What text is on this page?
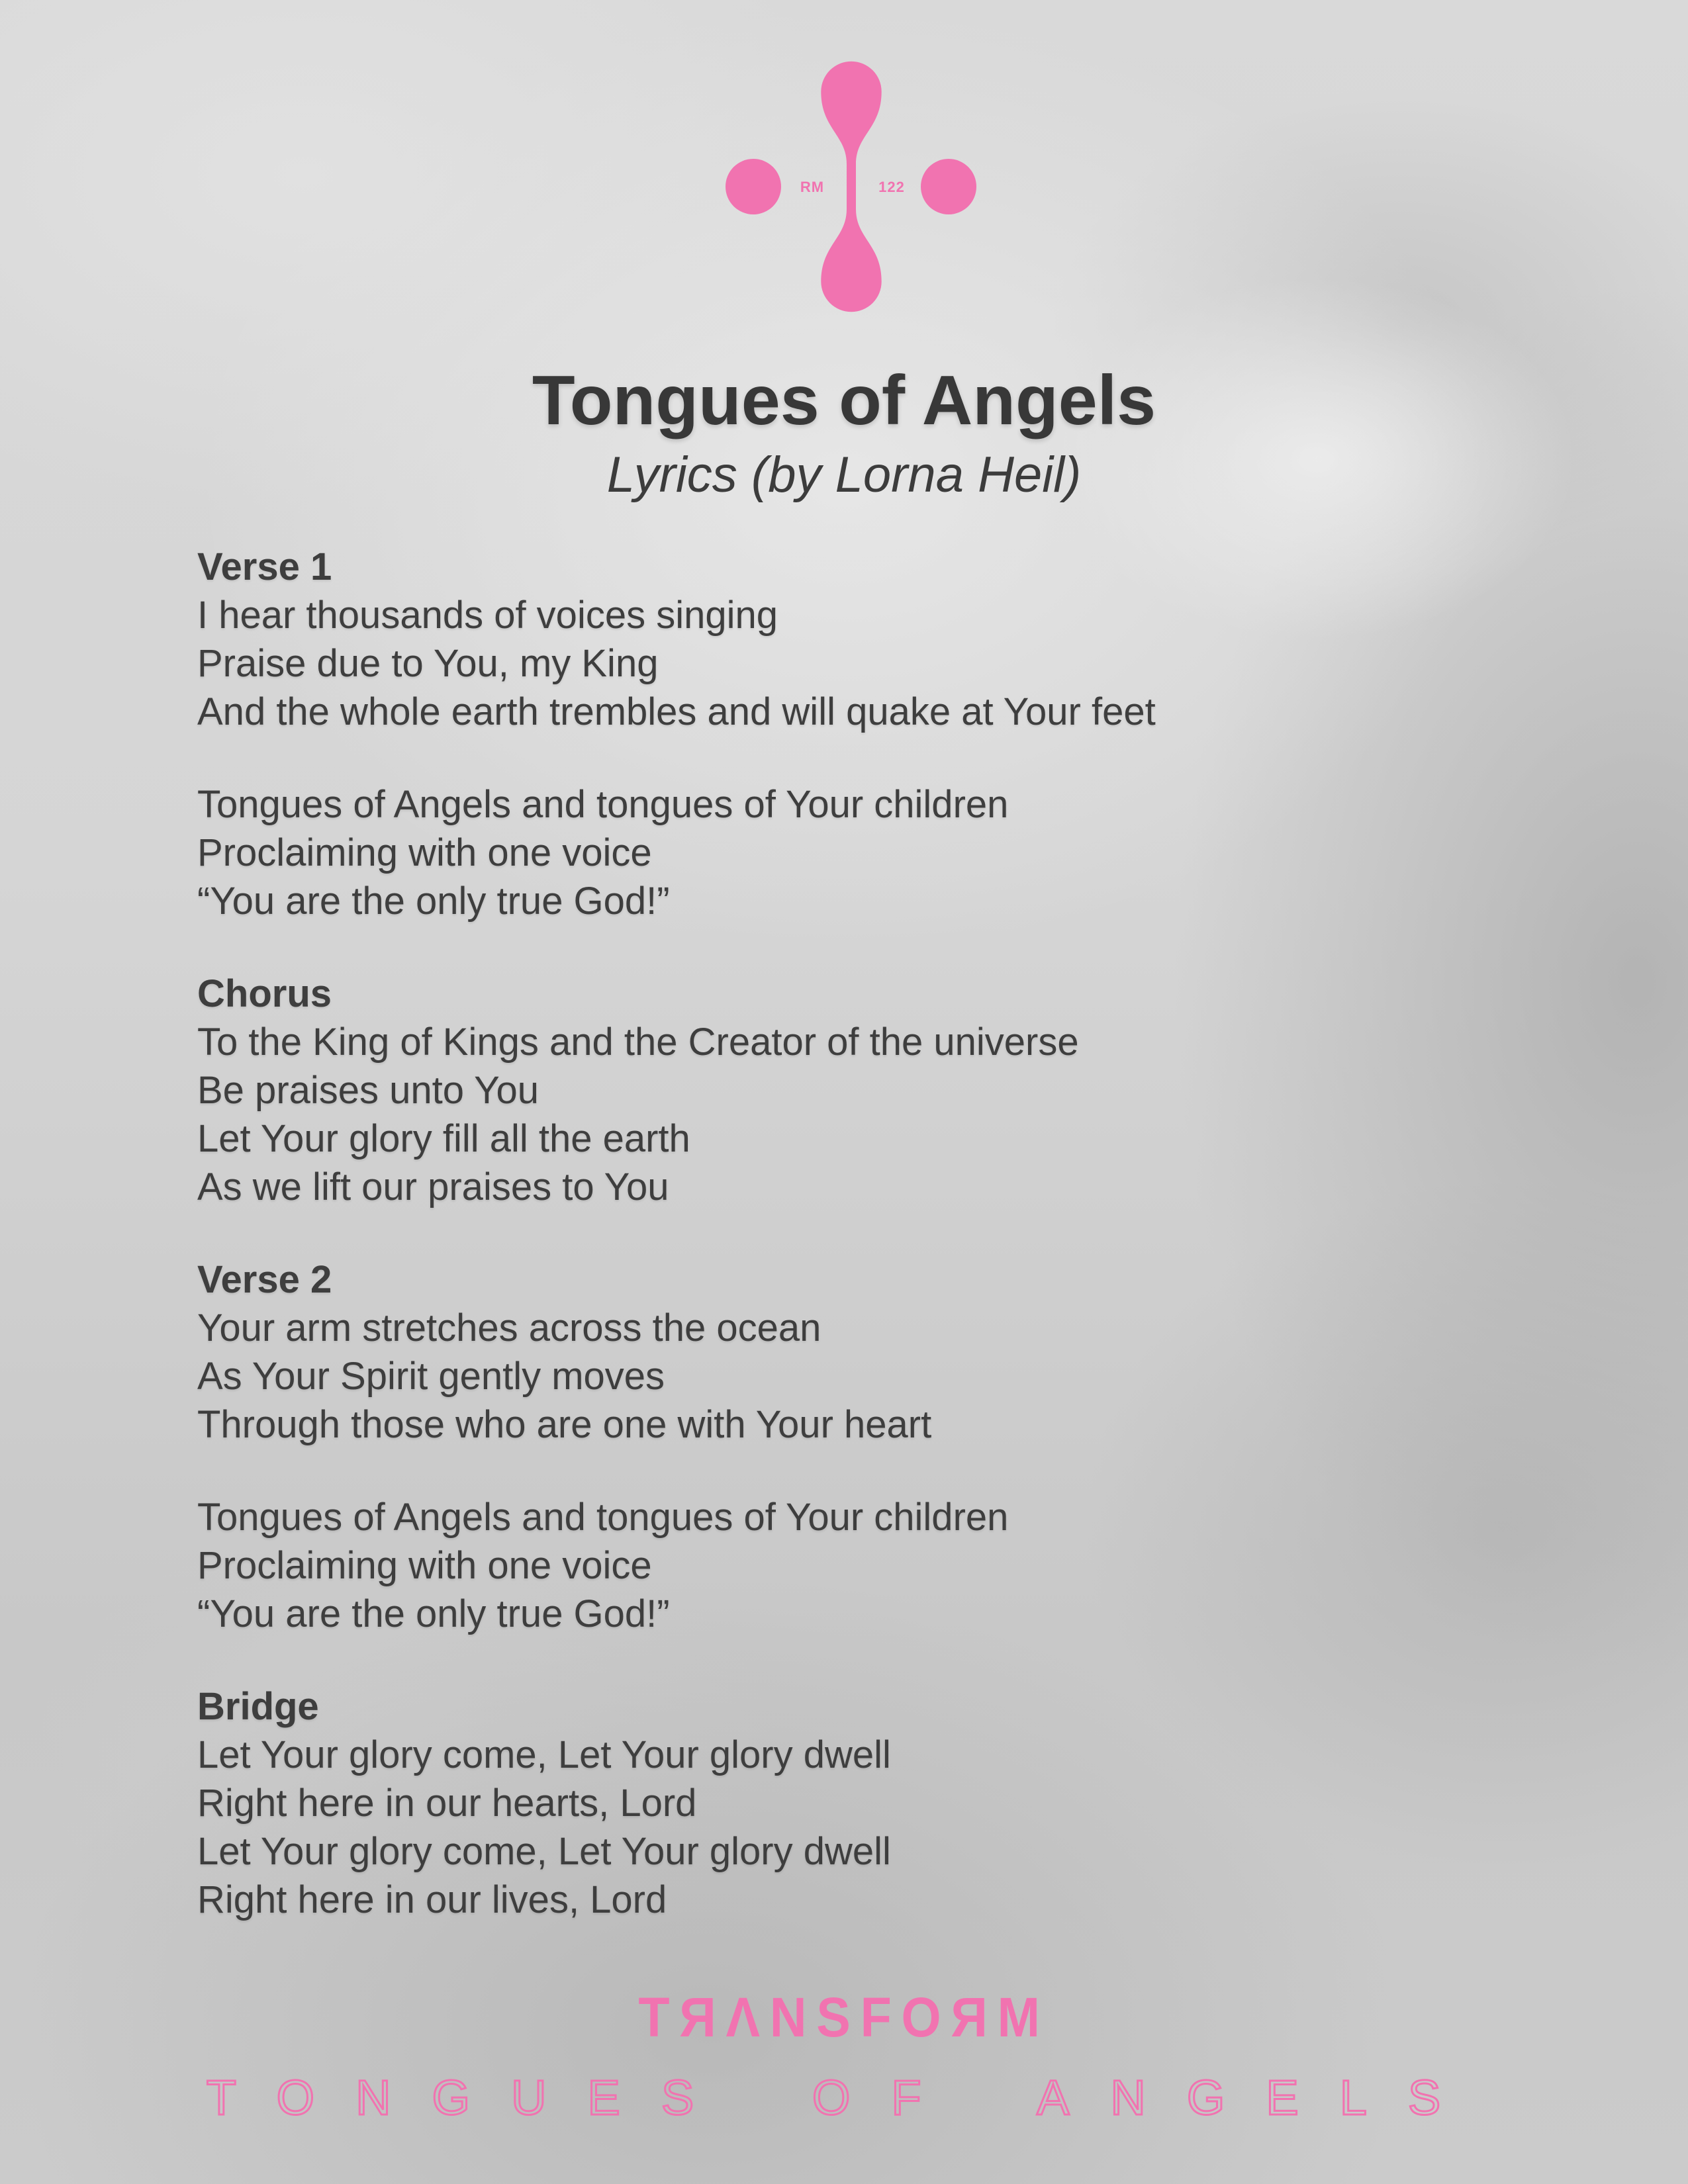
RM	122
Tongues of Angels
Lyrics (by Lorna Heil)
Verse 1
I hear thousands of voices singing
Praise due to You, my King
And the whole earth trembles and will quake at Your feet
Tongues of Angels and tongues of Your children
Proclaiming with one voice
“You are the only true God!”
Chorus
To the King of Kings and the Creator of the universe
Be praises unto You
Let Your glory fill all the earth
As we lift our praises to You
Verse 2
Your arm stretches across the ocean
As Your Spirit gently moves
Through those who are one with Your heart
Tongues of Angels and tongues of Your children
Proclaiming with one voice
“You are the only true God!”
Bridge
Let Your glory come, Let Your glory dwell
Right here in our hearts, Lord
Let Your glory come, Let Your glory dwell
Right here in our lives, Lord
TЯΛNSFOЯM
TONGUES OF ANGELS
